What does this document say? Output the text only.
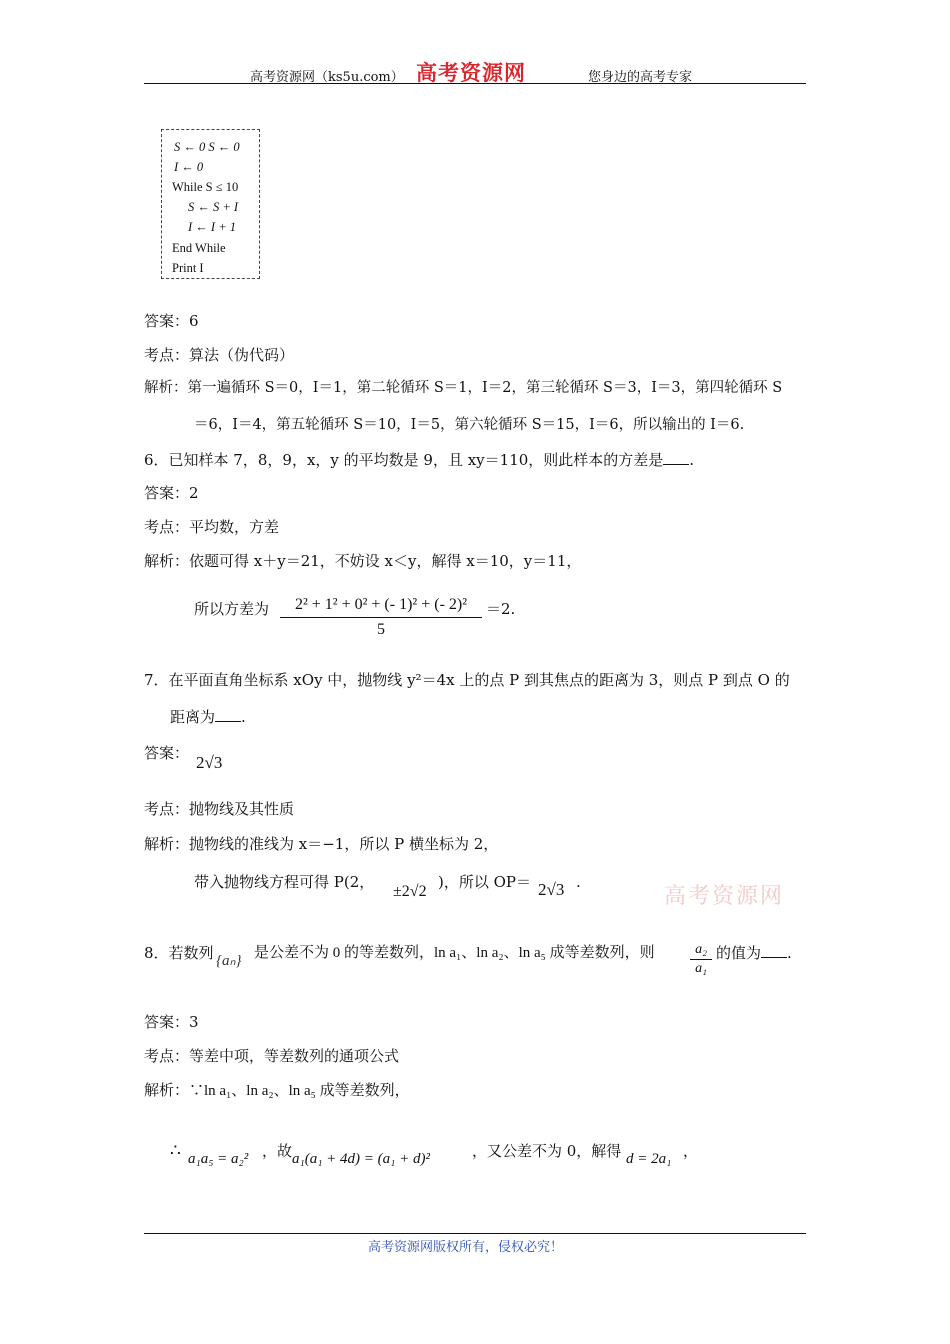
高考资源网（ks5u.com） 高考资源网	您身边的高考专家
S ← 0 S ← 0
I ← 0
While S ≤ 10
S ← S + I
I ← I + 1
End While
Print I
答案：6
考点：算法（伪代码）
解析：第一遍循环 S＝0，I＝1，第二轮循环 S＝1，I＝2，第三轮循环 S＝3，I＝3，第四轮循环 S
＝6，I＝4，第五轮循环 S＝10，I＝5，第六轮循环 S＝15，I＝6，所以输出的 I＝6.
6．已知样本 7，8，9，x，y 的平均数是 9，且 xy＝110，则此样本的方差是 .
答案：2
考点：平均数，方差
解析：依题可得 x＋y＝21，不妨设 x＜y，解得 x＝10，y＝11，
所以方差为 $\frac{\text{2² + 1² + 0² + (- 1)² + (- 2)²}}{5} =2$.
7．在平面直角坐标系 xOy 中，抛物线 y²＝4x 上的点 P 到其焦点的距离为 3，则点 P 到点 O 的
距离为 .
答案： 2√3
考点：抛物线及其性质
解析：抛物线的准线为 x＝−1，所以 P 横坐标为 2，
带入抛物线方程可得 P(2，
±2√2
)，所以 OP＝ 2√3 .
高考资源网
8．若数列 {aₙ} 是公差不为 0 的等差数列，ln a₁、ln a₂、ln a₅ 成等差数列，则	$\frac{\text{a₂}}{\text{a₁}}$ 的值为 .
答案：3
考点：等差中项，等差数列的通项公式
解析：∵ln a₁、ln a₂、ln a₅ 成等差数列，
∴ a₁a₅ = a₂² ，故 a₁(a₁ + 4d) = (a₁ + d)²	，又公差不为 0，解得 d = 2a₁ ，
高考资源网版权所有，侵权必究！
